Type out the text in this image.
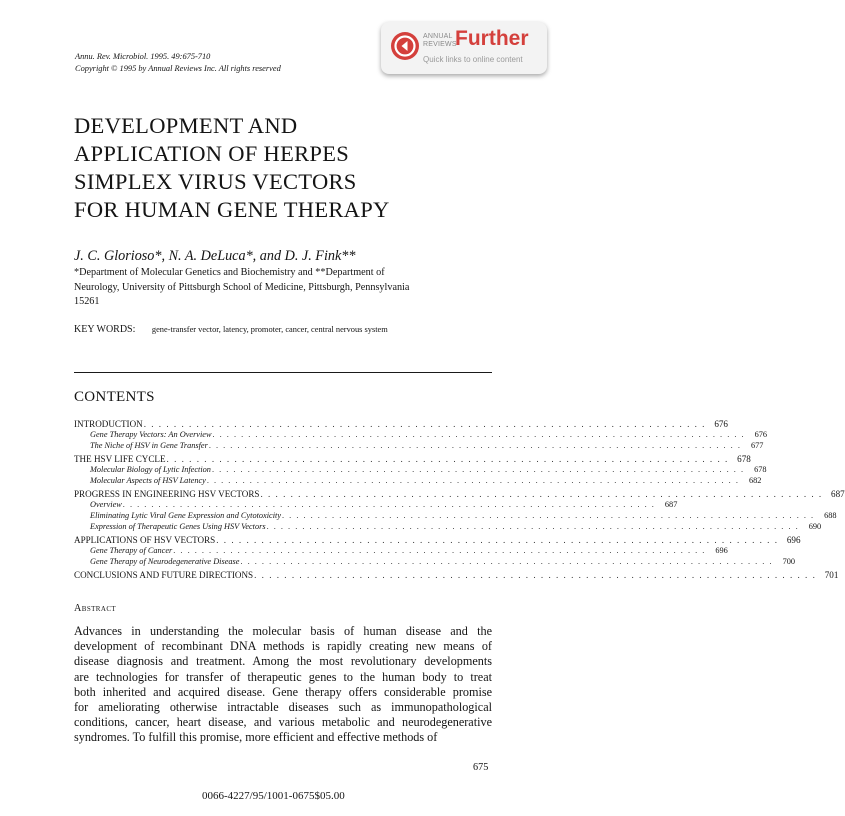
Annu. Rev. Microbiol. 1995. 49:675-710
Copyright © 1995 by Annual Reviews Inc. All rights reserved
ANNUAL
REVIEWS
Further
Quick links to online content
DEVELOPMENT AND
APPLICATION OF HERPES
SIMPLEX VIRUS VECTORS
FOR HUMAN GENE THERAPY
J. C. Glorioso*, N. A. DeLuca*, and D. J. Fink**
*Department of Molecular Genetics and Biochemistry and **Department of
Neurology, University of Pittsburgh School of Medicine, Pittsburgh, Pennsylvania
15261
KEY WORDS: gene-transfer vector, latency, promoter, cancer, central nervous system
CONTENTS
INTRODUCTION . . . . . . . . . . . . . . . . . . . . . . . . . . . . . . . . . . . . . . . . . . . . . . . . . . . . . . . . . . . . . . . . . . . . . . . . . . . 676
Gene Therapy Vectors: An Overview . . . . . . . . . . . . . . . . . . . . . . . . . . . . . . . . . . . . . . . . . . . . . . . . . . . . . . . . . . . . . . . . . . . . . . . . . . .	676
The Niche of HSV in Gene Transfer . . . . . . . . . . . . . . . . . . . . . . . . . . . . . . . . . . . . . . . . . . . . . . . . . . . . . . . . . . . . . . . . . . . . . . . . . . .	677
THE HSV LIFE CYCLE . . . . . . . . . . . . . . . . . . . . . . . . . . . . . . . . . . . . . . . . . . . . . . . . . . . . . . . . . . . . . . . . . . . . . . . . . . . 678
Molecular Biology of Lytic Infection . . . . . . . . . . . . . . . . . . . . . . . . . . . . . . . . . . . . . . . . . . . . . . . . . . . . . . . . . . . . . . . . . . . . . . . . . . .	678
Molecular Aspects of HSV Latency . . . . . . . . . . . . . . . . . . . . . . . . . . . . . . . . . . . . . . . . . . . . . . . . . . . . . . . . . . . . . . . . . . . . . . . . . . .	682
PROGRESS IN ENGINEERING HSV VECTORS . . . . . . . . . . . . . . . . . . . . . . . . . . . . . . . . . . . . . . . . . . . . . . . . . . . . . . . . . . . . . . . . . . . . . . . . . . . 687
Overview . . . . . . . . . . . . . . . . . . . . . . . . . . . . . . . . . . . . . . . . . . . . . . . . . . . . . . . . . . . . . . . . . . . . . . . . . . .	687
Eliminating Lytic Viral Gene Expression and Cytotoxicity . . . . . . . . . . . . . . . . . . . . . . . . . . . . . . . . . . . . . . . . . . . . . . . . . . . . . . . . . . . . . . . . . . . . . . . . . . .	688
Expression of Therapeutic Genes Using HSV Vectors . . . . . . . . . . . . . . . . . . . . . . . . . . . . . . . . . . . . . . . . . . . . . . . . . . . . . . . . . . . . . . . . . . . . . . . . . . .	690
APPLICATIONS OF HSV VECTORS . . . . . . . . . . . . . . . . . . . . . . . . . . . . . . . . . . . . . . . . . . . . . . . . . . . . . . . . . . . . . . . . . . . . . . . . . . . 696
Gene Therapy of Cancer . . . . . . . . . . . . . . . . . . . . . . . . . . . . . . . . . . . . . . . . . . . . . . . . . . . . . . . . . . . . . . . . . . . . . . . . . . .	696
Gene Therapy of Neurodegenerative Disease . . . . . . . . . . . . . . . . . . . . . . . . . . . . . . . . . . . . . . . . . . . . . . . . . . . . . . . . . . . . . . . . . . . . . . . . . . .	700
CONCLUSIONS AND FUTURE DIRECTIONS . . . . . . . . . . . . . . . . . . . . . . . . . . . . . . . . . . . . . . . . . . . . . . . . . . . . . . . . . . . . . . . . . . . . . . . . . . . 701
Abstract
Advances in understanding the molecular basis of human disease and the
development of recombinant DNA methods is rapidly creating new means of
disease diagnosis and treatment. Among the most revolutionary developments
are technologies for transfer of therapeutic genes to the human body to treat
both inherited and acquired disease. Gene therapy offers considerable promise
for ameliorating otherwise intractable diseases such as immunopathological
conditions, cancer, heart disease, and various metabolic and neurodegenerative
syndromes. To fulfill this promise, more efficient and effective methods of
675
0066-4227/95/1001-0675$05.00
